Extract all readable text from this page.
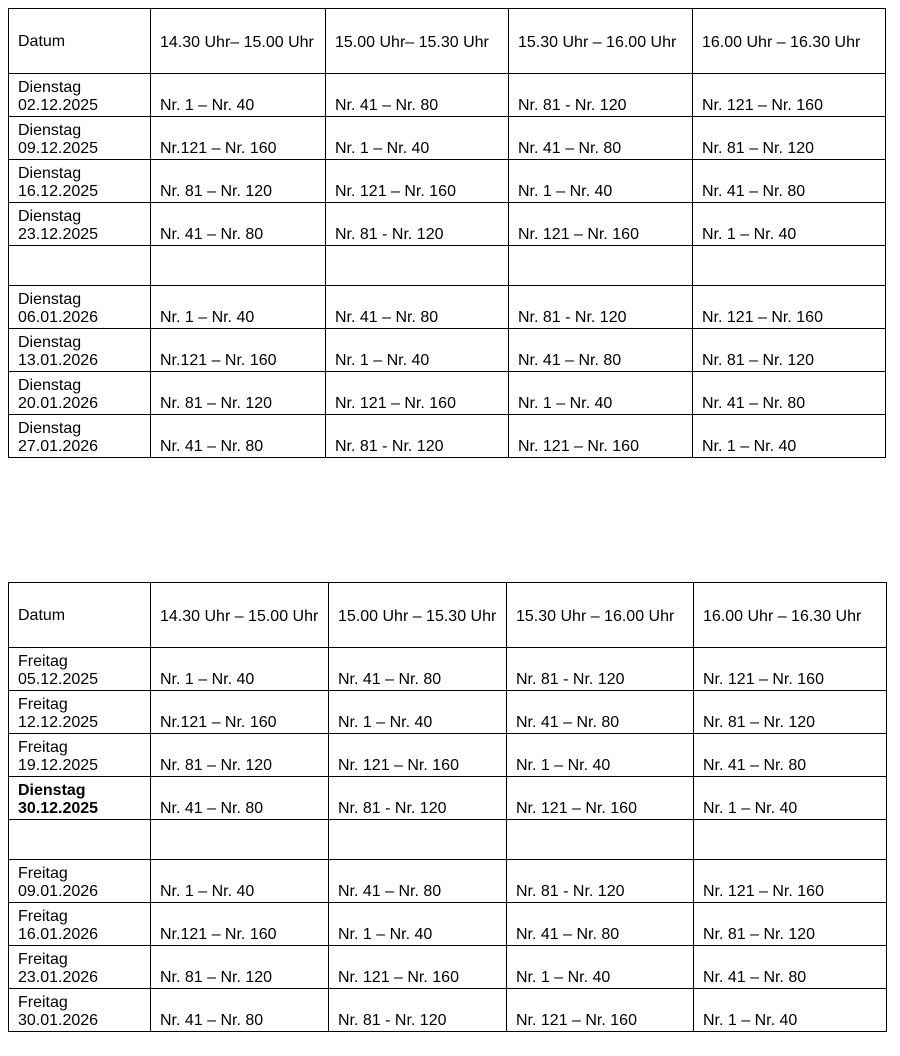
Datum	14.30 Uhr– 15.00 Uhr	15.00 Uhr– 15.30 Uhr	15.30 Uhr – 16.00 Uhr	16.00 Uhr – 16.30 Uhr

Dienstag
02.12.2025	Nr. 1 – Nr. 40	Nr. 41 – Nr. 80	Nr. 81 - Nr. 120	Nr. 121 – Nr. 160

Dienstag
09.12.2025	Nr.121 – Nr. 160	Nr. 1 – Nr. 40	Nr. 41 – Nr. 80	Nr. 81 – Nr. 120

Dienstag
16.12.2025	Nr. 81 – Nr. 120	Nr. 121 – Nr. 160	Nr. 1 – Nr. 40	Nr. 41 – Nr. 80

Dienstag
23.12.2025	Nr. 41 – Nr. 80	Nr. 81 - Nr. 120	Nr. 121 – Nr. 160	Nr. 1 – Nr. 40

Dienstag
06.01.2026	Nr. 1 – Nr. 40	Nr. 41 – Nr. 80	Nr. 81 - Nr. 120	Nr. 121 – Nr. 160

Dienstag
13.01.2026	Nr.121 – Nr. 160	Nr. 1 – Nr. 40	Nr. 41 – Nr. 80	Nr. 81 – Nr. 120

Dienstag
20.01.2026	Nr. 81 – Nr. 120	Nr. 121 – Nr. 160	Nr. 1 – Nr. 40	Nr. 41 – Nr. 80

Dienstag
27.01.2026	Nr. 41 – Nr. 80	Nr. 81 - Nr. 120	Nr. 121 – Nr. 160	Nr. 1 – Nr. 40
Datum	14.30 Uhr – 15.00 Uhr	15.00 Uhr – 15.30 Uhr	15.30 Uhr – 16.00 Uhr	16.00 Uhr – 16.30 Uhr

Freitag
05.12.2025	Nr. 1 – Nr. 40	Nr. 41 – Nr. 80	Nr. 81 - Nr. 120	Nr. 121 – Nr. 160

Freitag
12.12.2025	Nr.121 – Nr. 160	Nr. 1 – Nr. 40	Nr. 41 – Nr. 80	Nr. 81 – Nr. 120

Freitag
19.12.2025	Nr. 81 – Nr. 120	Nr. 121 – Nr. 160	Nr. 1 – Nr. 40	Nr. 41 – Nr. 80

Dienstag
30.12.2025	Nr. 41 – Nr. 80	Nr. 81 - Nr. 120	Nr. 121 – Nr. 160	Nr. 1 – Nr. 40

Freitag
09.01.2026	Nr. 1 – Nr. 40	Nr. 41 – Nr. 80	Nr. 81 - Nr. 120	Nr. 121 – Nr. 160

Freitag
16.01.2026	Nr.121 – Nr. 160	Nr. 1 – Nr. 40	Nr. 41 – Nr. 80	Nr. 81 – Nr. 120

Freitag
23.01.2026	Nr. 81 – Nr. 120	Nr. 121 – Nr. 160	Nr. 1 – Nr. 40	Nr. 41 – Nr. 80

Freitag
30.01.2026	Nr. 41 – Nr. 80	Nr. 81 - Nr. 120	Nr. 121 – Nr. 160	Nr. 1 – Nr. 40
